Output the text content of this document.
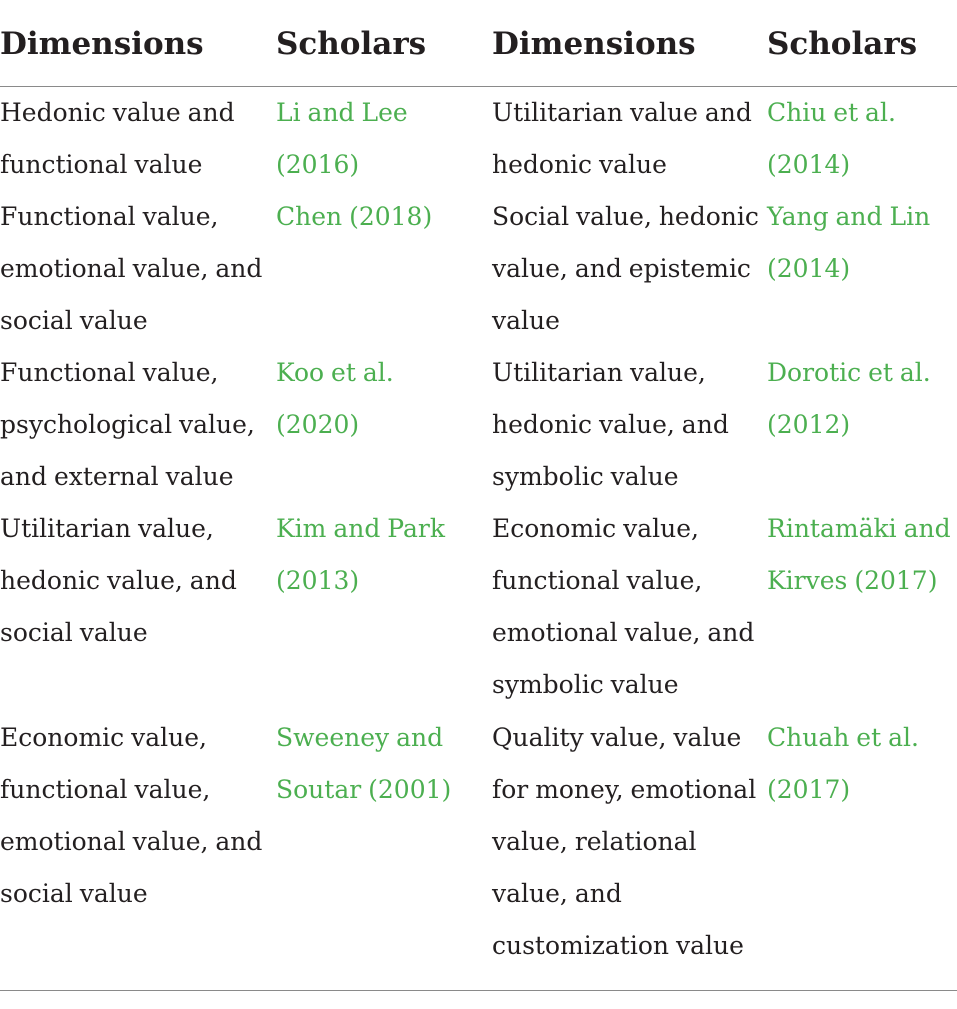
Dimensions Scholars Dimensions Scholars
Hedonic value and
functional value
Li and Lee
(2016)
Utilitarian value and
hedonic value
Chiu et al.
(2014)
Functional value,
emotional value, and
social value
Chen (2018) Social value, hedonic
value, and epistemic
value
Yang and Lin
(2014)
Functional value,
psychological value,
and external value
Koo et al.
(2020)
Utilitarian value,
hedonic value, and
symbolic value
Dorotic et al.
(2012)
Utilitarian value,
hedonic value, and
social value
Kim and Park
(2013)
Economic value,
functional value,
emotional value, and
symbolic value
Rintamäki and
Kirves (2017)
Economic value,
functional value,
emotional value, and
social value
Sweeney and
Soutar (2001)
Quality value, value
for money, emotional
value, relational
value, and
customization value
Chuah et al.
(2017)
